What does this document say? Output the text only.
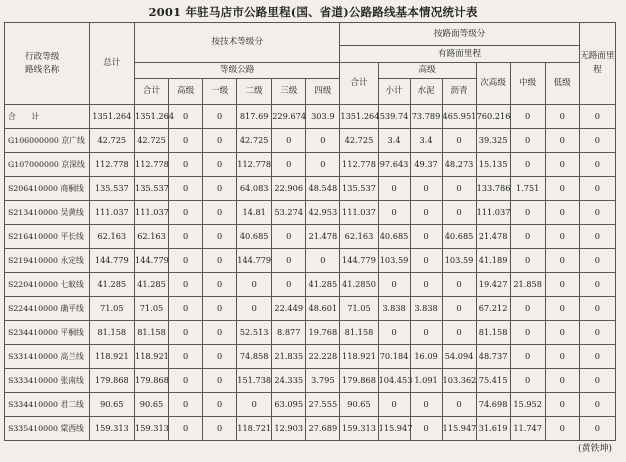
2001 年驻马店市公路里程(国、省道)公路路线基本情况统计表
行政等级
路线名称	总计	按技术等级分						按路面等级分							无路面里程
								有路面里程							
		等级公路						合计	高级			次高级	中级	低级	
		合计	高级	一级	二级	三级	四级		小计	水泥	沥青				
合　　计	1351.264	1351.264	0	0	817.69	229.674	303.9	1351.264	539.74	73.789	465.951	760.216	0	0	0
G106000000 京广线	42.725	42.725	0	0	42.725	0	0	42.725	3.4	3.4	0	39.325	0	0	0
G107000000 京深线	112.778	112.778	0	0	112.778	0	0	112.778	97.643	49.37	48.273	15.135	0	0	0
S206410000 商桐线	135.537	135.537	0	0	64.083	22.906	48.548	135.537	0	0	0	133.786	1.751	0	0
S213410000 吴黄线	111.037	111.037	0	0	14.81	53.274	42.953	111.037	0	0	0	111.037	0	0	0
S216410000 平长线	62.163	62.163	0	0	40.685	0	21.478	62.163	40.685	0	40.685	21.478	0	0	0
S219410000 永定线	144.779	144.779	0	0	144.779	0	0	144.779	103.59	0	103.59	41.189	0	0	0
S220410000 七蚁线	41.285	41.285	0	0	0	0	41.285	41.2850	0	0	0	19.427	21.858	0	0
S224410000 确平线	71.05	71.05	0	0	0	22.449	48.601	71.05	3.838	3.838	0	67.212	0	0	0
S234410000 平桐线	81.158	81.158	0	0	52.513	8.877	19.768	81.158	0	0	0	81.158	0	0	0
S331410000 高兰线	118.921	118.921	0	0	74.858	21.835	22.228	118.921	70.184	16.09	54.094	48.737	0	0	0
S333410000 张南线	179.868	179.868	0	0	151.738	24.335	3.795	179.868	104.453	1.091	103.362	75.415	0	0	0
S334410000 君二线	90.65	90.65	0	0	0	63.095	27.555	90.65	0	0	0	74.698	15.952	0	0
S335410000 棠西线	159.313	159.313	0	0	118.721	12.903	27.689	159.313	115.947	0	115.947	31.619	11.747	0	0
(黄铁坤)
